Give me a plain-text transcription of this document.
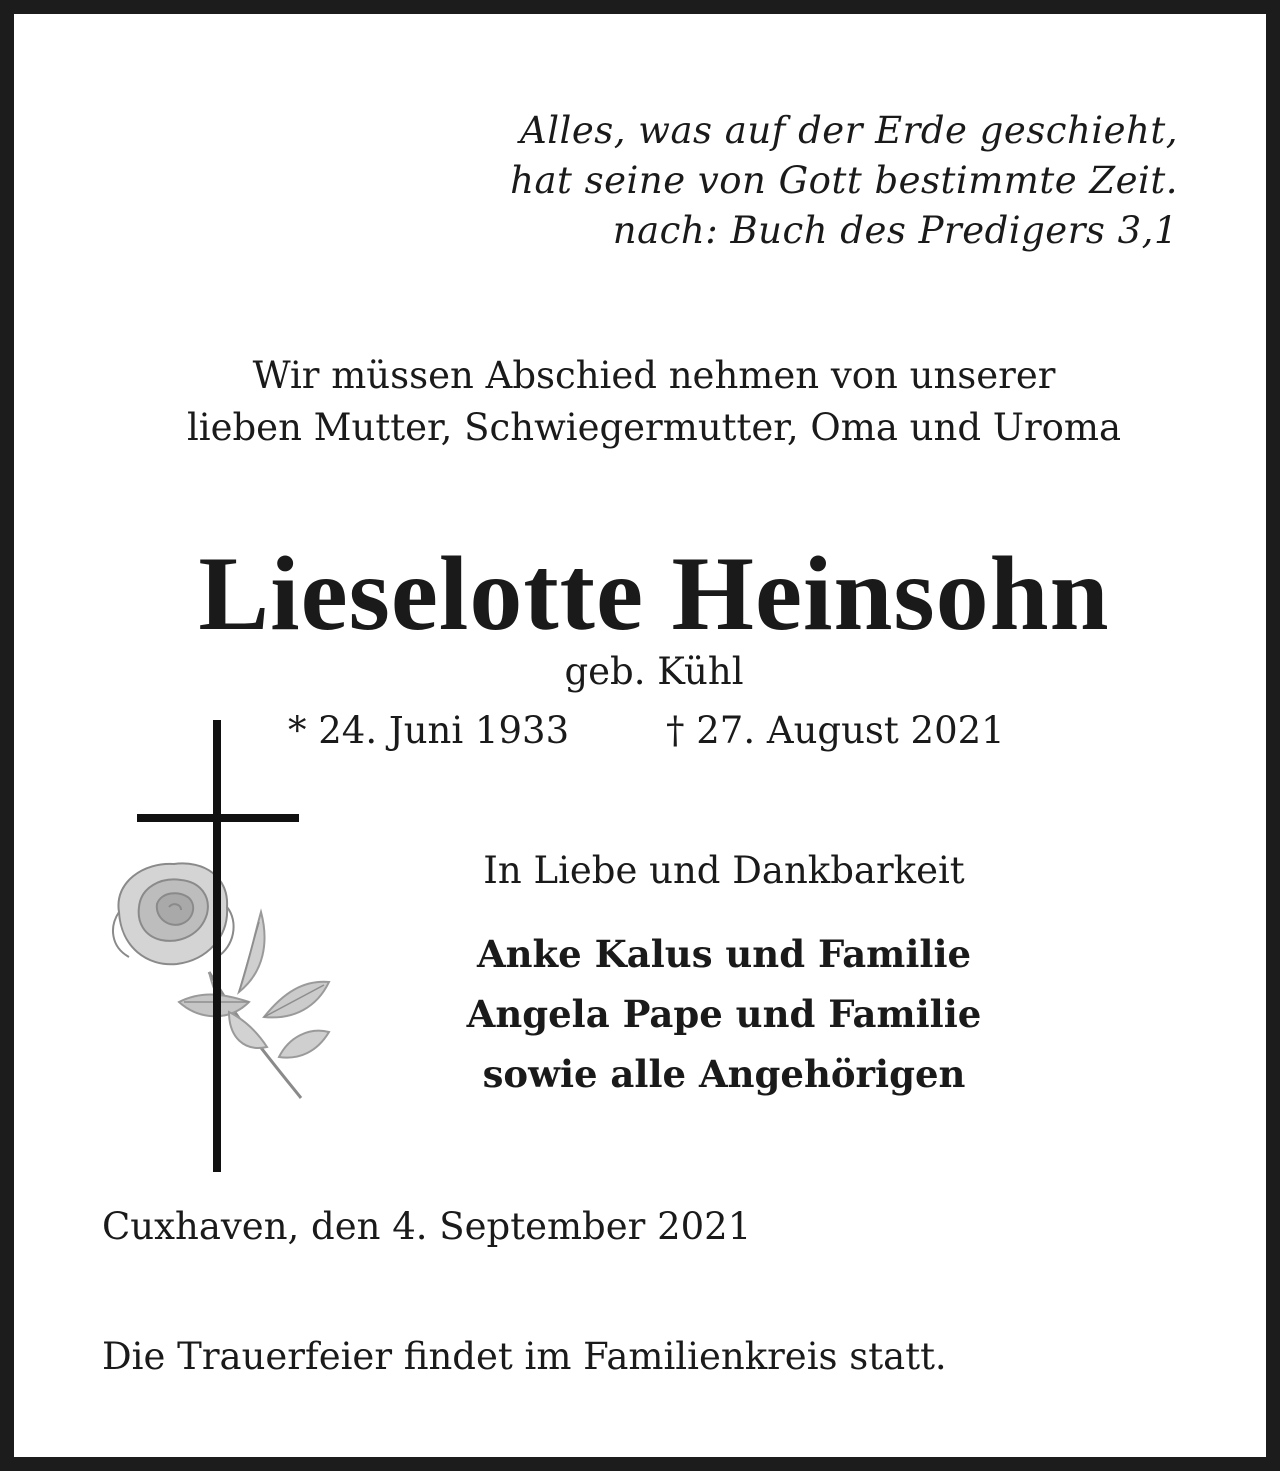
Alles, was auf der Erde geschieht,
hat seine von Gott bestimmte Zeit.
nach: Buch des Predigers 3,1
Wir müssen Abschied nehmen von unserer
lieben Mutter, Schwiegermutter, Oma und Uroma
Lieselotte Heinsohn
geb. Kühl
* 24. Juni 1933	† 27. August 2021
In Liebe und Dankbarkeit
Anke Kalus und Familie
Angela Pape und Familie
sowie alle Angehörigen
Cuxhaven, den 4. September 2021
Die Trauerfeier findet im Familienkreis statt.
